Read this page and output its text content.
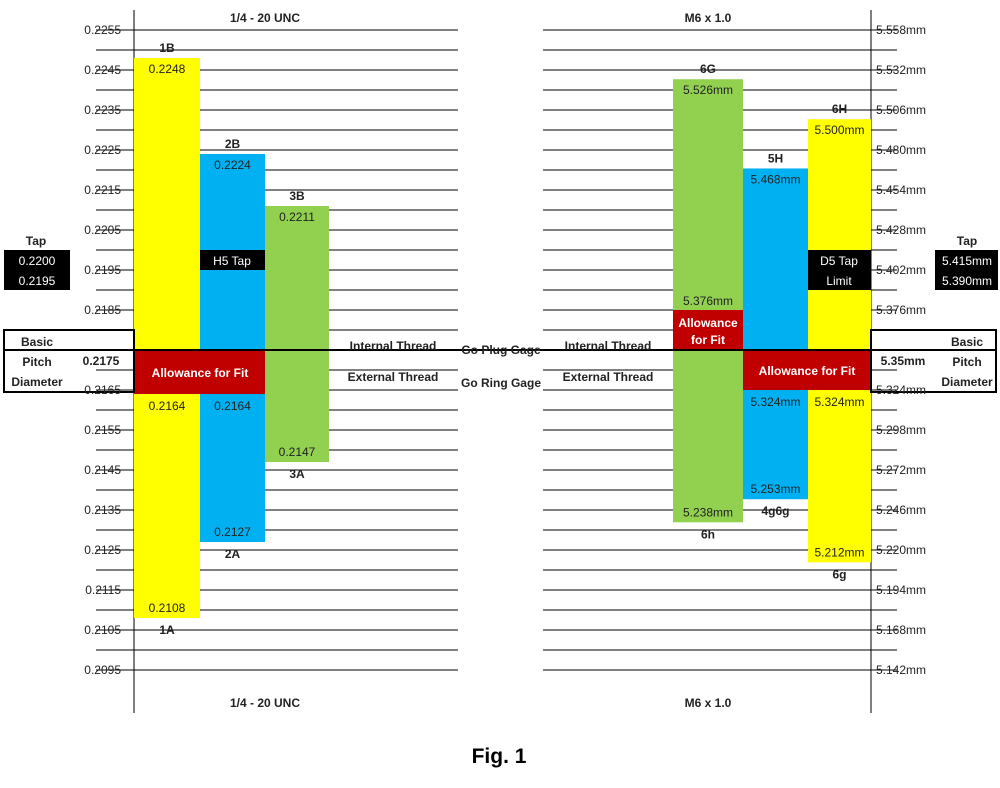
0.2255
0.2245
0.2235
0.2225
0.2215
0.2205
0.2195
0.2185
0.2165
0.2155
0.2145
0.2135
0.2125
0.2115
0.2105
0.2095
5.558mm
5.532mm
5.506mm
5.480mm
5.454mm
5.428mm
5.402mm
5.376mm
5.324mm
5.298mm
5.272mm
5.246mm
5.220mm
5.194mm
5.168mm
5.142mm
1B
0.2248
2B
0.2224
3B
0.2211
0.2164
0.2108
1A
0.2164
0.2127
2A
0.2147
3A
Allowance for Fit
H5 Tap
Tap
0.2200
0.2195
6G
5.526mm
5.376mm
5H
5.468mm
6H
5.500mm
5.238mm
6h
5.324mm
5.253mm
4g6g
5.324mm
5.212mm
6g
Allowance
for Fit
Allowance for Fit
D5 Tap
Limit
Tap
5.415mm
5.390mm
Basic
Pitch
Diameter
0.2175
Basic
Pitch
Diameter
5.35mm
1/4 - 20 UNC
1/4 - 20 UNC
M6 x 1.0
M6 x 1.0
Internal Thread
External Thread
Go Plug Gage
Go Ring Gage
Internal Thread
External Thread
Fig. 1
